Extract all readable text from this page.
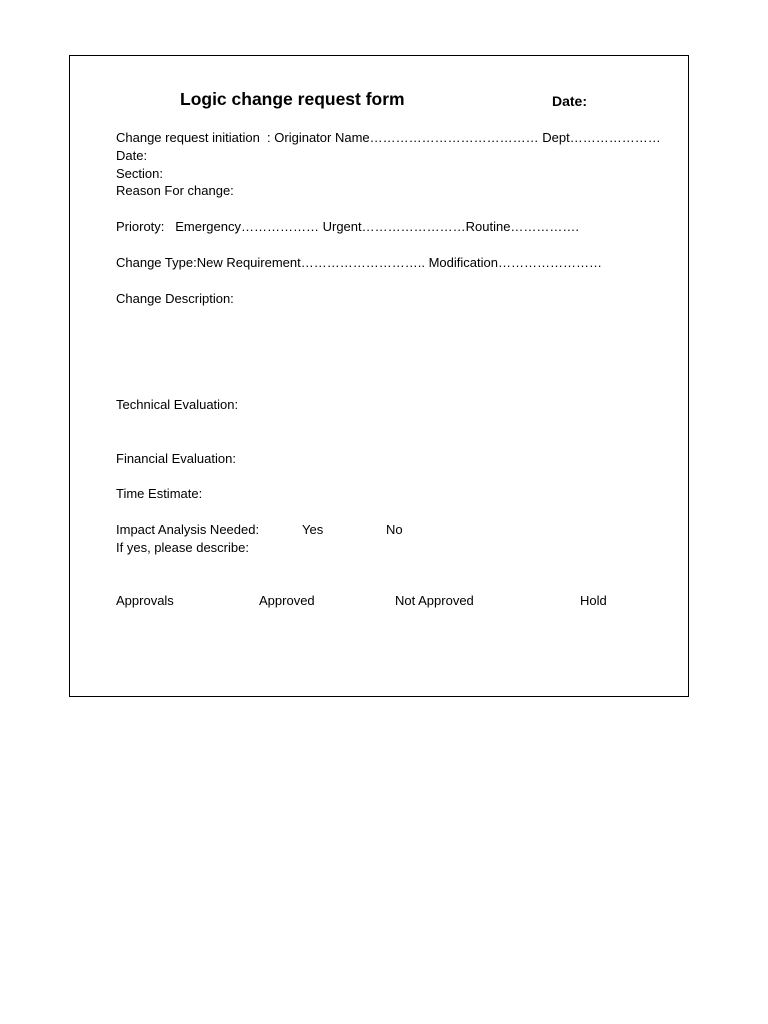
Logic change request form	Date:
Change request initiation  : Originator Name………………………………… Dept…………………
Date:
Section:
Reason For change:
Prioroty:   Emergency……………… Urgent……………………Routine…………….
Change Type:New Requirement……………………….. Modification……………………
Change Description:
Technical Evaluation:
Financial Evaluation:
Time Estimate:
Impact Analysis Needed:	Yes	No
If yes, please describe:
Approvals	Approved	Not Approved	Hold
